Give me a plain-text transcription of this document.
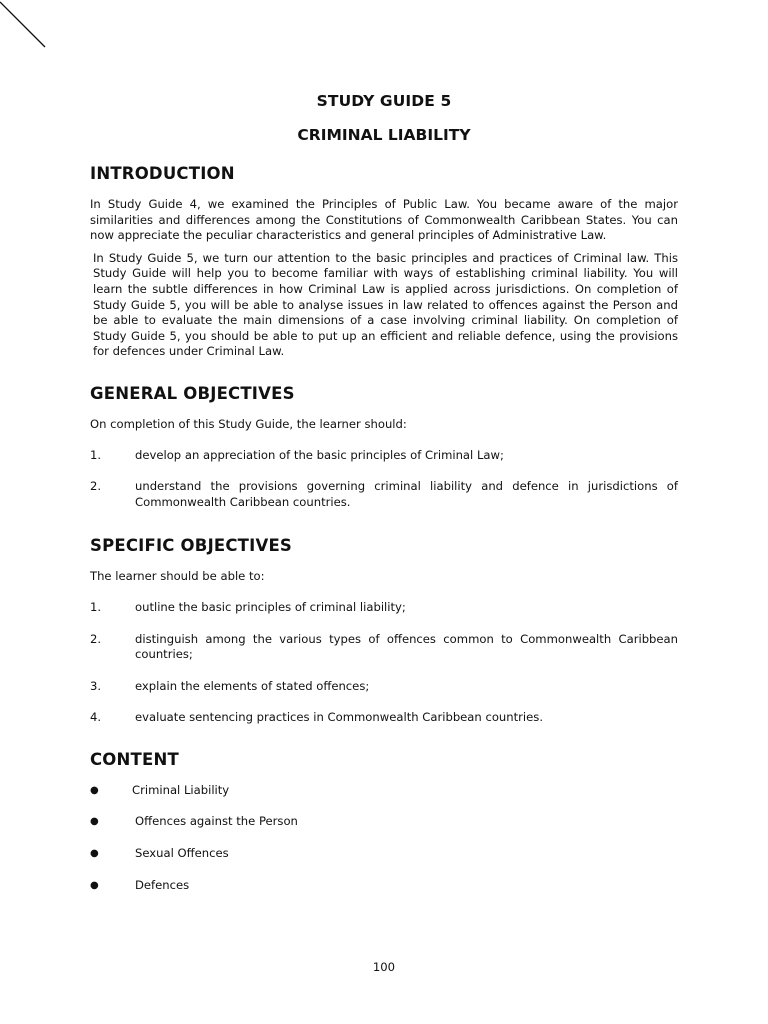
STUDY GUIDE 5
CRIMINAL LIABILITY
INTRODUCTION

In Study Guide 4, we examined the Principles of Public Law. You became aware of the major similarities and differences among the Constitutions of Commonwealth Caribbean States. You can now appreciate the peculiar characteristics and general principles of Administrative Law.

In Study Guide 5, we turn our attention to the basic principles and practices of Criminal law. This Study Guide will help you to become familiar with ways of establishing criminal liability. You will learn the subtle differences in how Criminal Law is applied across jurisdictions. On completion of Study Guide 5, you will be able to analyse issues in law related to offences against the Person and be able to evaluate the main dimensions of a case involving criminal liability. On completion of Study Guide 5, you should be able to put up an efficient and reliable defence, using the provisions for defences under Criminal Law.

GENERAL OBJECTIVES

On completion of this Study Guide, the learner should:

1.	develop an appreciation of the basic principles of Criminal Law;
2.	understand the provisions governing criminal liability and defence in jurisdictions of Commonwealth Caribbean countries.
SPECIFIC OBJECTIVES

The learner should be able to:

1.	outline the basic principles of criminal liability;
2.	distinguish among the various types of offences common to Commonwealth Caribbean countries;
3.	explain the elements of stated offences;
4.	evaluate sentencing practices in Commonwealth Caribbean countries.
CONTENT
●	Criminal Liability
●	Offences against the Person
●	Sexual Offences
●	Defences
100
